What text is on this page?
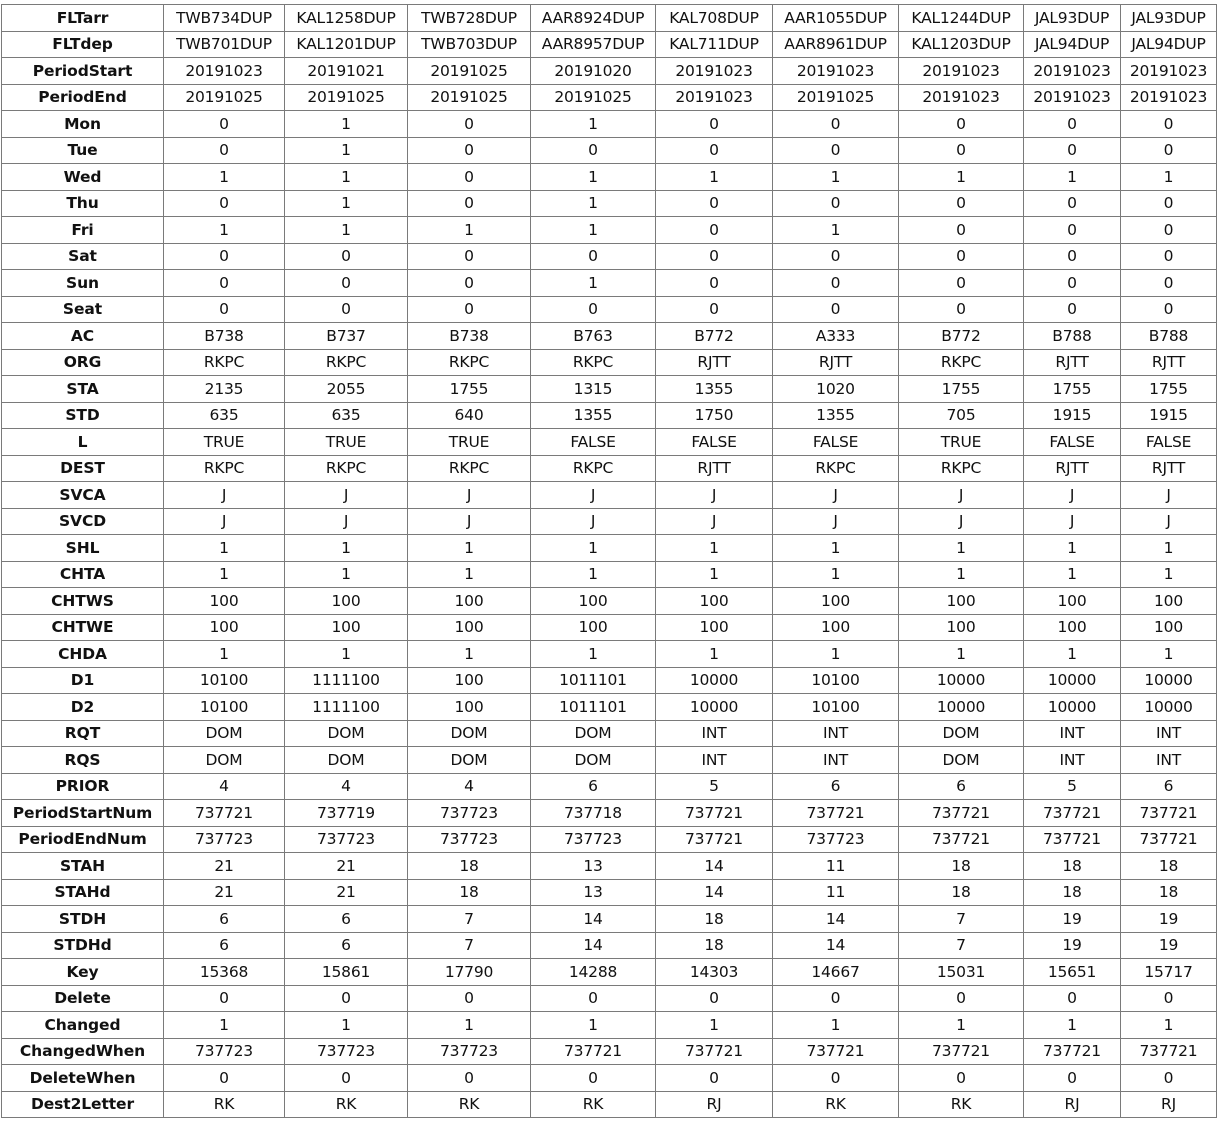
FLTarr	TWB734DUP	KAL1258DUP	TWB728DUP	AAR8924DUP	KAL708DUP	AAR1055DUP	KAL1244DUP	JAL93DUP	JAL93DUP
FLTdep	TWB701DUP	KAL1201DUP	TWB703DUP	AAR8957DUP	KAL711DUP	AAR8961DUP	KAL1203DUP	JAL94DUP	JAL94DUP
PeriodStart	20191023	20191021	20191025	20191020	20191023	20191023	20191023	20191023	20191023
PeriodEnd	20191025	20191025	20191025	20191025	20191023	20191025	20191023	20191023	20191023
Mon	0	1	0	1	0	0	0	0	0
Tue	0	1	0	0	0	0	0	0	0
Wed	1	1	0	1	1	1	1	1	1
Thu	0	1	0	1	0	0	0	0	0
Fri	1	1	1	1	0	1	0	0	0
Sat	0	0	0	0	0	0	0	0	0
Sun	0	0	0	1	0	0	0	0	0
Seat	0	0	0	0	0	0	0	0	0
AC	B738	B737	B738	B763	B772	A333	B772	B788	B788
ORG	RKPC	RKPC	RKPC	RKPC	RJTT	RJTT	RKPC	RJTT	RJTT
STA	2135	2055	1755	1315	1355	1020	1755	1755	1755
STD	635	635	640	1355	1750	1355	705	1915	1915
L	TRUE	TRUE	TRUE	FALSE	FALSE	FALSE	TRUE	FALSE	FALSE
DEST	RKPC	RKPC	RKPC	RKPC	RJTT	RKPC	RKPC	RJTT	RJTT
SVCA	J	J	J	J	J	J	J	J	J
SVCD	J	J	J	J	J	J	J	J	J
SHL	1	1	1	1	1	1	1	1	1
CHTA	1	1	1	1	1	1	1	1	1
CHTWS	100	100	100	100	100	100	100	100	100
CHTWE	100	100	100	100	100	100	100	100	100
CHDA	1	1	1	1	1	1	1	1	1
D1	10100	1111100	100	1011101	10000	10100	10000	10000	10000
D2	10100	1111100	100	1011101	10000	10100	10000	10000	10000
RQT	DOM	DOM	DOM	DOM	INT	INT	DOM	INT	INT
RQS	DOM	DOM	DOM	DOM	INT	INT	DOM	INT	INT
PRIOR	4	4	4	6	5	6	6	5	6
PeriodStartNum	737721	737719	737723	737718	737721	737721	737721	737721	737721
PeriodEndNum	737723	737723	737723	737723	737721	737723	737721	737721	737721
STAH	21	21	18	13	14	11	18	18	18
STAHd	21	21	18	13	14	11	18	18	18
STDH	6	6	7	14	18	14	7	19	19
STDHd	6	6	7	14	18	14	7	19	19
Key	15368	15861	17790	14288	14303	14667	15031	15651	15717
Delete	0	0	0	0	0	0	0	0	0
Changed	1	1	1	1	1	1	1	1	1
ChangedWhen	737723	737723	737723	737721	737721	737721	737721	737721	737721
DeleteWhen	0	0	0	0	0	0	0	0	0
Dest2Letter	RK	RK	RK	RK	RJ	RK	RK	RJ	RJ
